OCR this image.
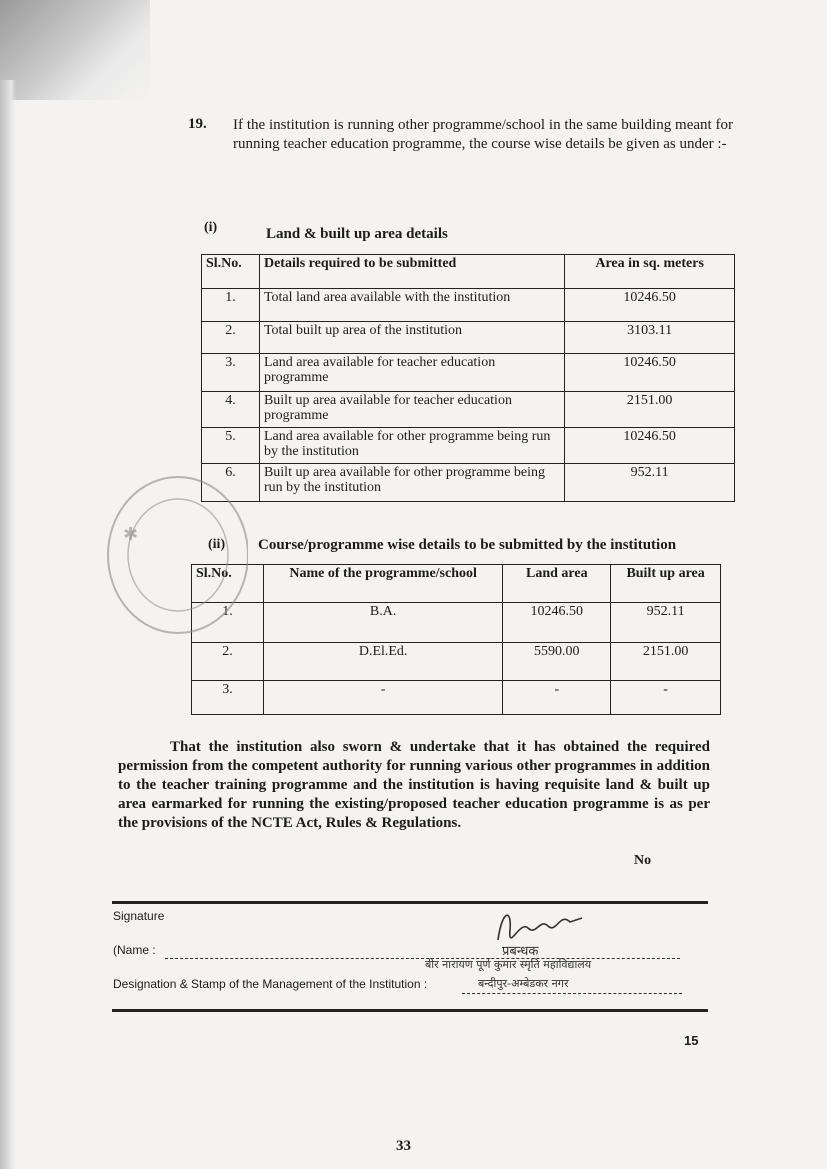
19. If the institution is running other programme/school in the same building meant for running teacher education programme, the course wise details be given as under :-
(i)	Land & built up area details
Sl.No.	Details required to be submitted	Area in sq. meters
1.	Total land area available with the institution	10246.50
2.	Total built up area of the institution	3103.11
3.	Land area available for teacher education programme	10246.50
4.	Built up area available for teacher education programme	2151.00
5.	Land area available for other programme being run by the institution	10246.50
6.	Built up area available for other programme being run by the institution	952.11
(ii) Course/programme wise details to be submitted by the institution
Sl.No.	Name of the programme/school	Land area	Built up area
1.	B.A.	10246.50	952.11
2.	D.El.Ed.	5590.00	2151.00
3.	-	-	-
✱
That the institution also sworn & undertake that it has obtained the required permission from the competent authority for running various other programmes in addition to the teacher training programme and the institution is having requisite land & built up area earmarked for running the existing/proposed teacher education programme is as per the provisions of the NCTE Act, Rules & Regulations.
No
Signature
प्रबन्धक
(Name :
बीर नारायण पूर्ण कुमार स्मृति महाविद्यालय
Designation & Stamp of the Management of the Institution :	बन्दीपुर-अम्बेडकर नगर
15
33
